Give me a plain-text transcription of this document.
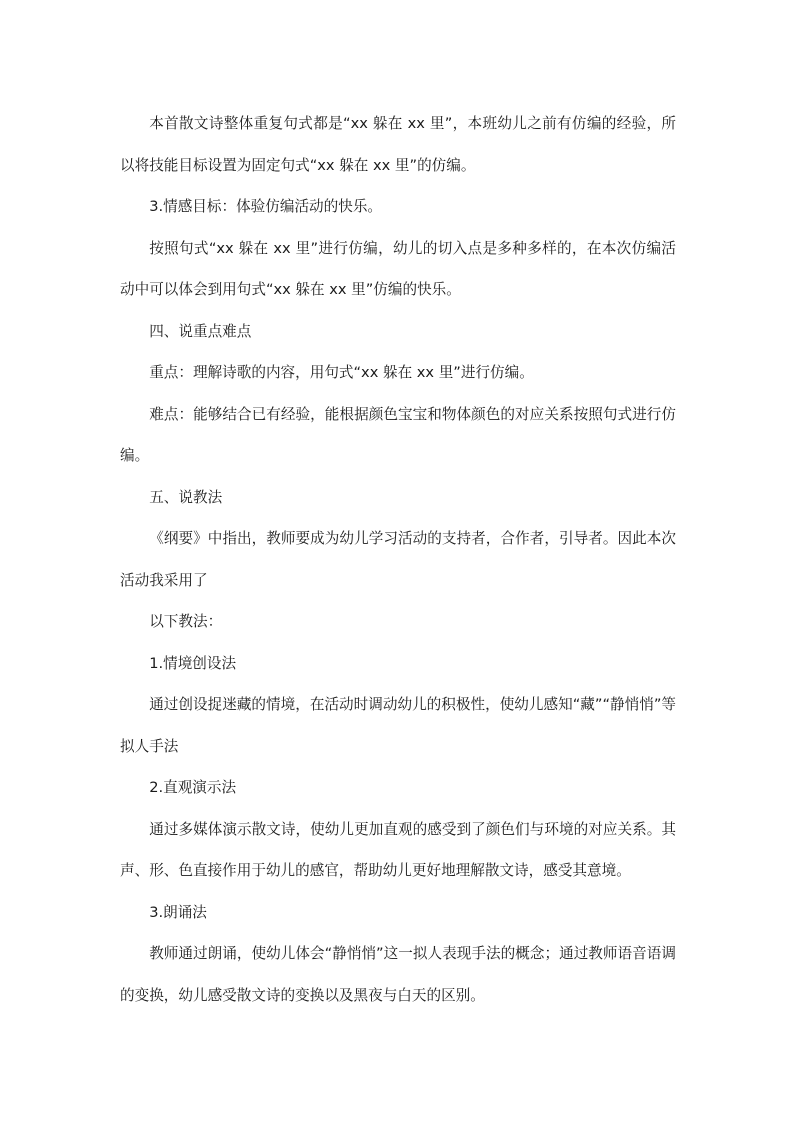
本首散文诗整体重复句式都是“xx 躲在 xx 里”，本班幼儿之前有仿编的经验，所以将技能目标设置为固定句式“xx 躲在 xx 里”的仿编。

3.情感目标：体验仿编活动的快乐。

按照句式“xx 躲在 xx 里”进行仿编，幼儿的切入点是多种多样的，在本次仿编活动中可以体会到用句式“xx 躲在 xx 里”仿编的快乐。

四、说重点难点

重点：理解诗歌的内容，用句式“xx 躲在 xx 里”进行仿编。

难点：能够结合已有经验，能根据颜色宝宝和物体颜色的对应关系按照句式进行仿编。

五、说教法

《纲要》中指出，教师要成为幼儿学习活动的支持者，合作者，引导者。因此本次活动我采用了

以下教法：

1.情境创设法

通过创设捉迷藏的情境，在活动时调动幼儿的积极性，使幼儿感知“藏”“静悄悄”等拟人手法

2.直观演示法

通过多媒体演示散文诗，使幼儿更加直观的感受到了颜色们与环境的对应关系。其声、形、色直接作用于幼儿的感官，帮助幼儿更好地理解散文诗，感受其意境。

3.朗诵法

教师通过朗诵，使幼儿体会“静悄悄”这一拟人表现手法的概念；通过教师语音语调的变换，幼儿感受散文诗的变换以及黑夜与白天的区别。
